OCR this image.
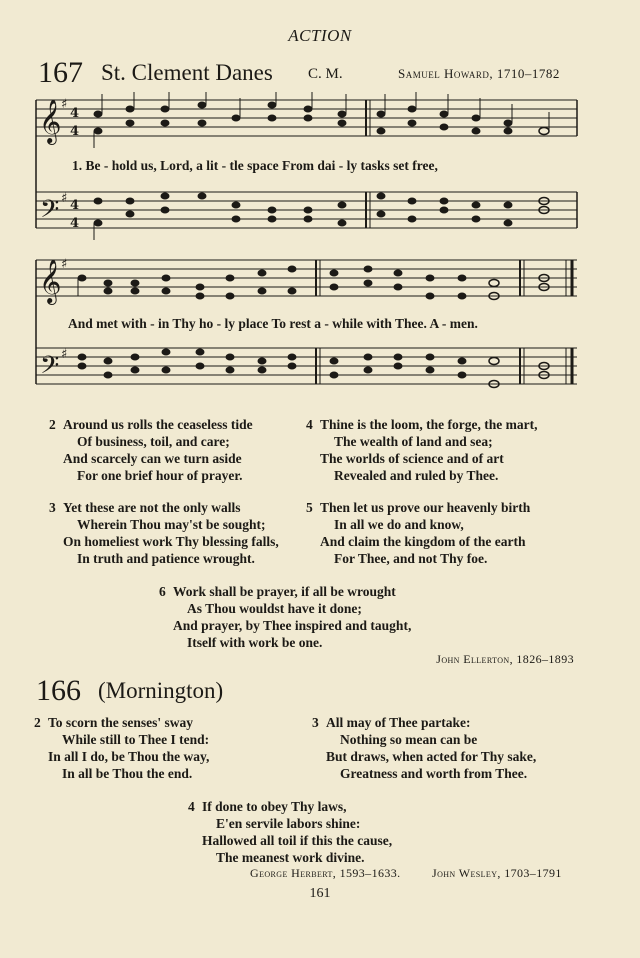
ACTION
167 St. Clement Danes C. M.	Samuel Howard, 1710–1782
𝄞
𝄢
♯
♯
4
4
4
4
1. Be - hold us, Lord, a lit - tle space From dai - ly tasks set free,
𝄞
𝄢
♯
♯
And met with - in Thy ho - ly place To rest a - while with Thee. A - men.
2 Around us rolls the ceaseless tide
Of business, toil, and care;
And scarcely can we turn aside
For one brief hour of prayer.
3 Yet these are not the only walls
Wherein Thou may'st be sought;
On homeliest work Thy blessing falls,
In truth and patience wrought.
4 Thine is the loom, the forge, the mart,
The wealth of land and sea;
The worlds of science and of art
Revealed and ruled by Thee.
5 Then let us prove our heavenly birth
In all we do and know,
And claim the kingdom of the earth
For Thee, and not Thy foe.
6 Work shall be prayer, if all be wrought
As Thou wouldst have it done;
And prayer, by Thee inspired and taught,
Itself with work be one.
John Ellerton, 1826–1893
166 (Mornington)
2 To scorn the senses' sway
While still to Thee I tend:
In all I do, be Thou the way,
In all be Thou the end.
3 All may of Thee partake:
Nothing so mean can be
But draws, when acted for Thy sake,
Greatness and worth from Thee.
4 If done to obey Thy laws,
E'en servile labors shine:
Hallowed all toil if this the cause,
The meanest work divine.
George Herbert, 1593–1633.	John Wesley, 1703–1791
161
